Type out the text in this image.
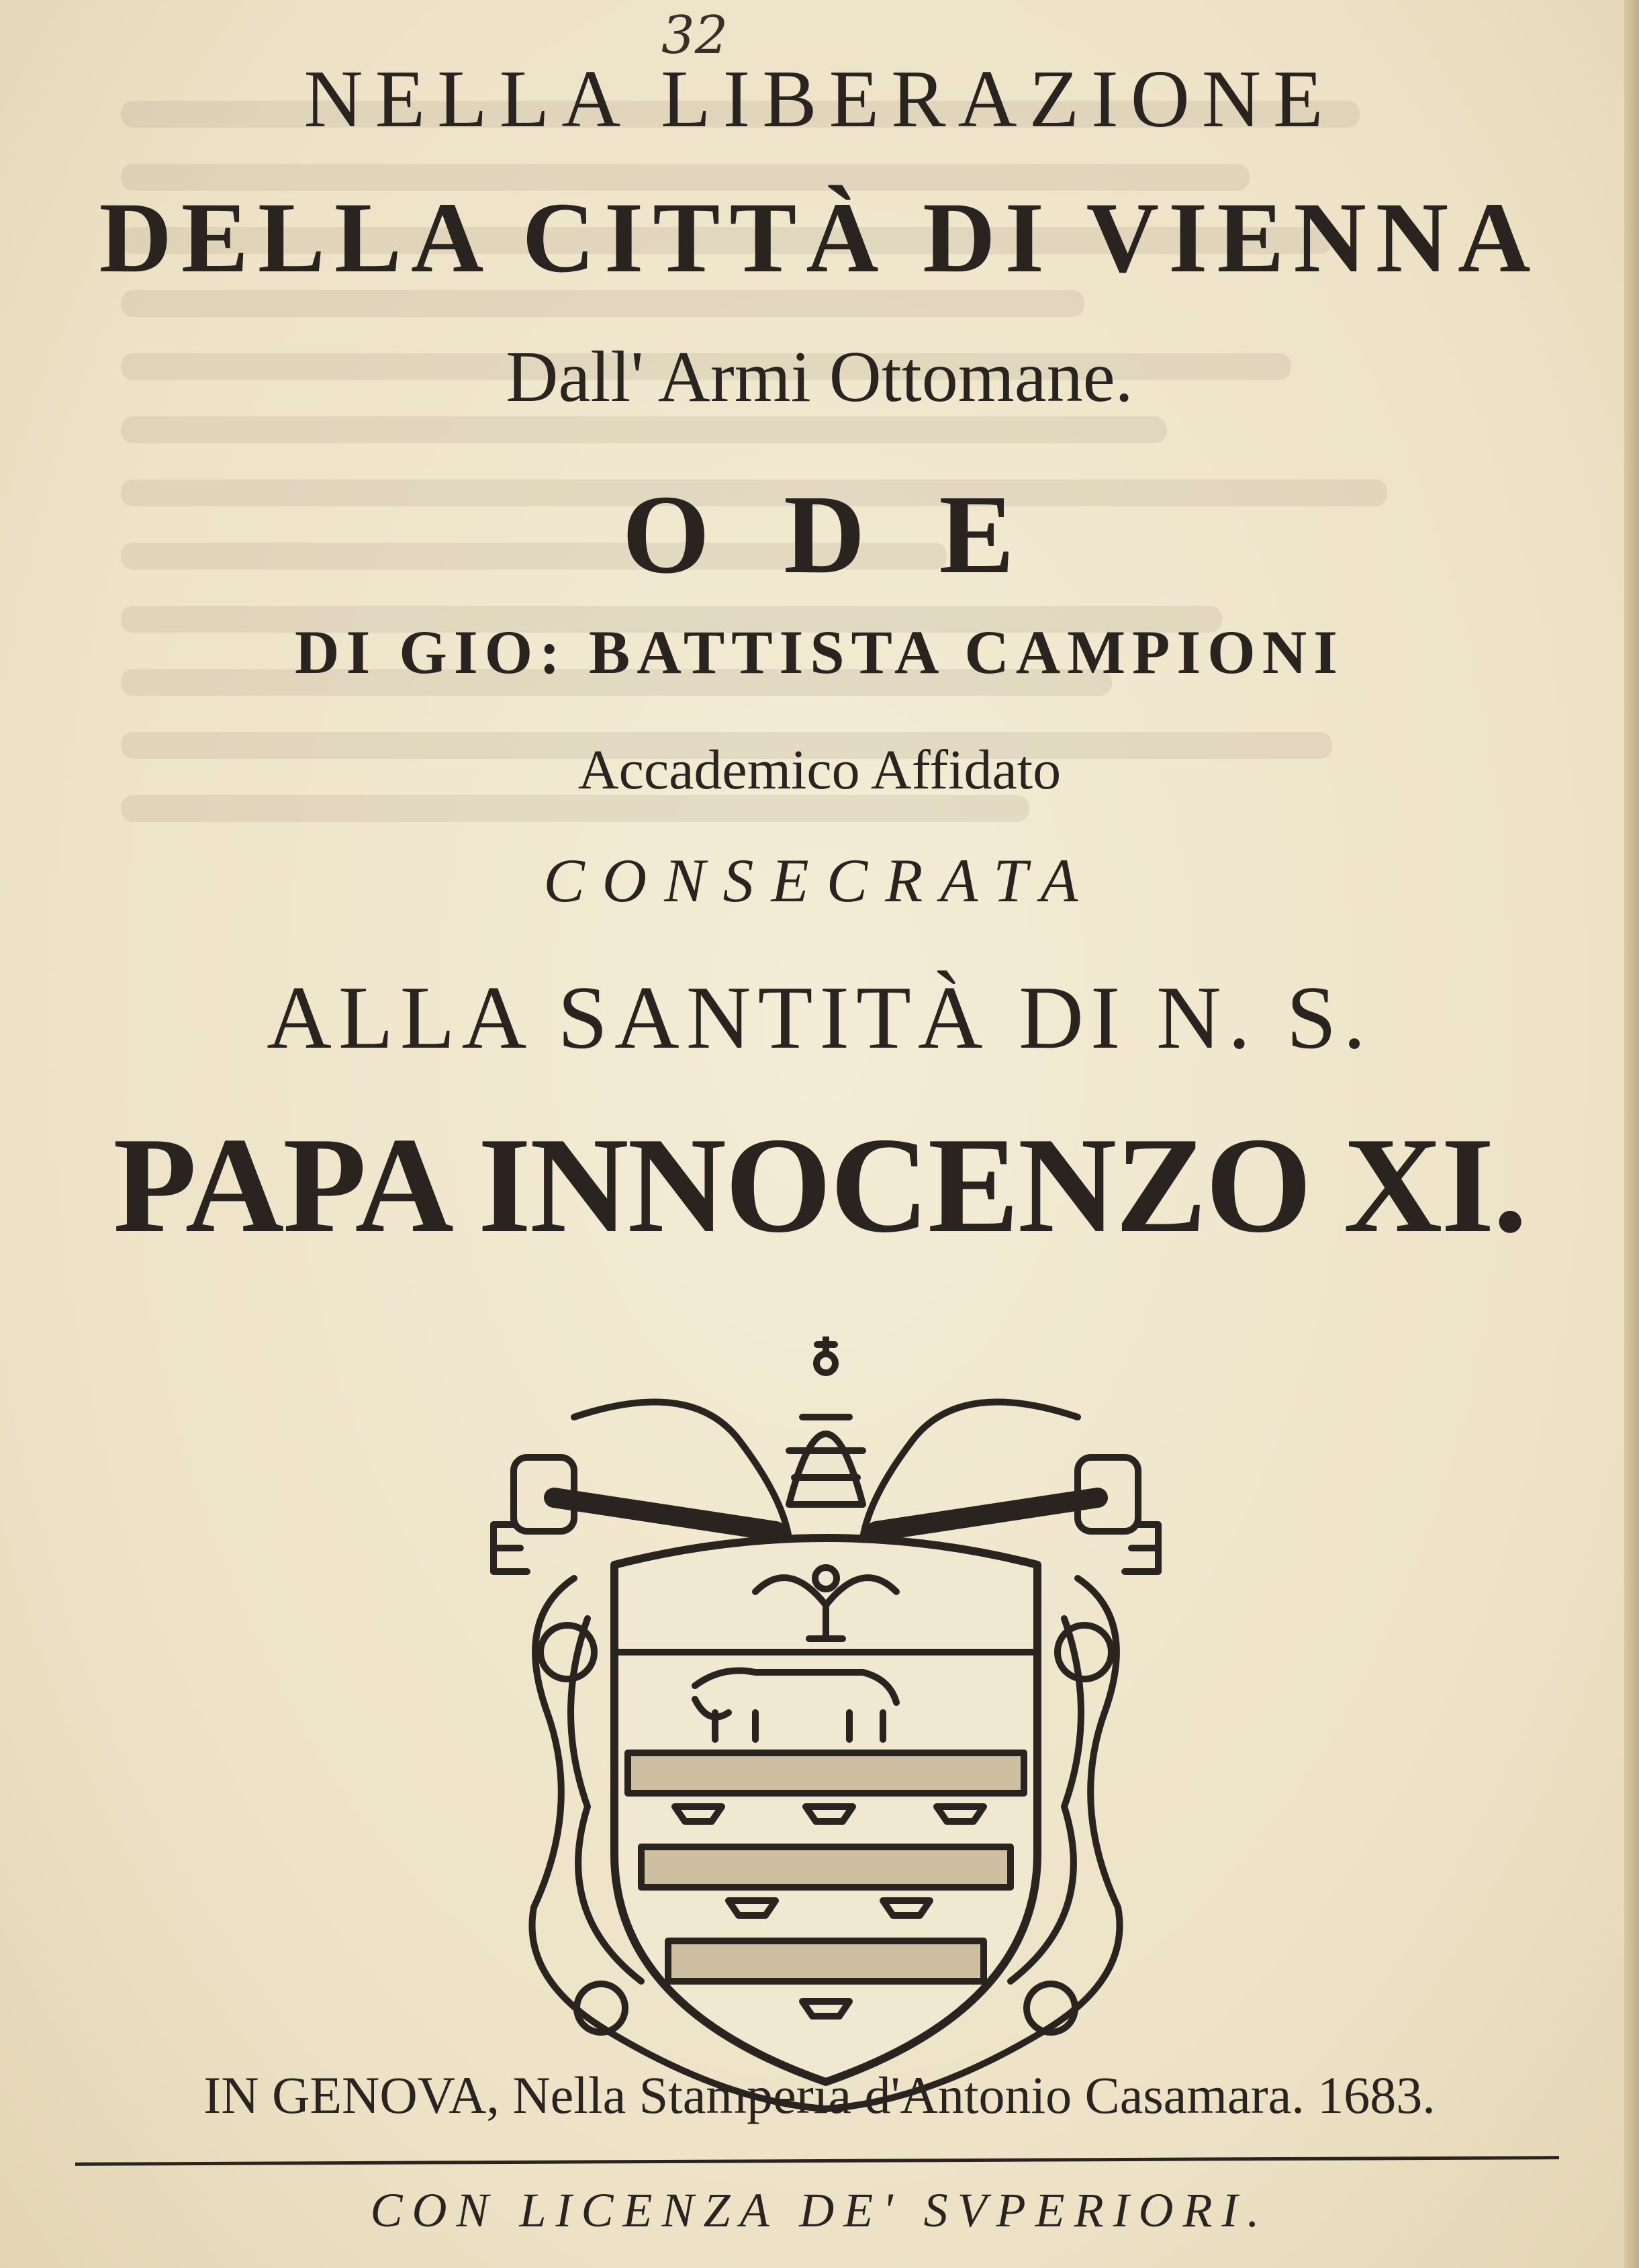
32
NELLA LIBERAZIONE
DELLA CITTÀ DI VIENNA
Dall' Armi Ottomane.
O D E
DI GIO: BATTISTA CAMPIONI
Accademico Affidato
CONSECRATA
ALLA SANTITÀ DI N. S.
PAPA INNOCENZO XI.
IN GENOVA, Nella Stamperia d'Antonio Casamara. 1683.
CON LICENZA DE' SVPERIORI.
